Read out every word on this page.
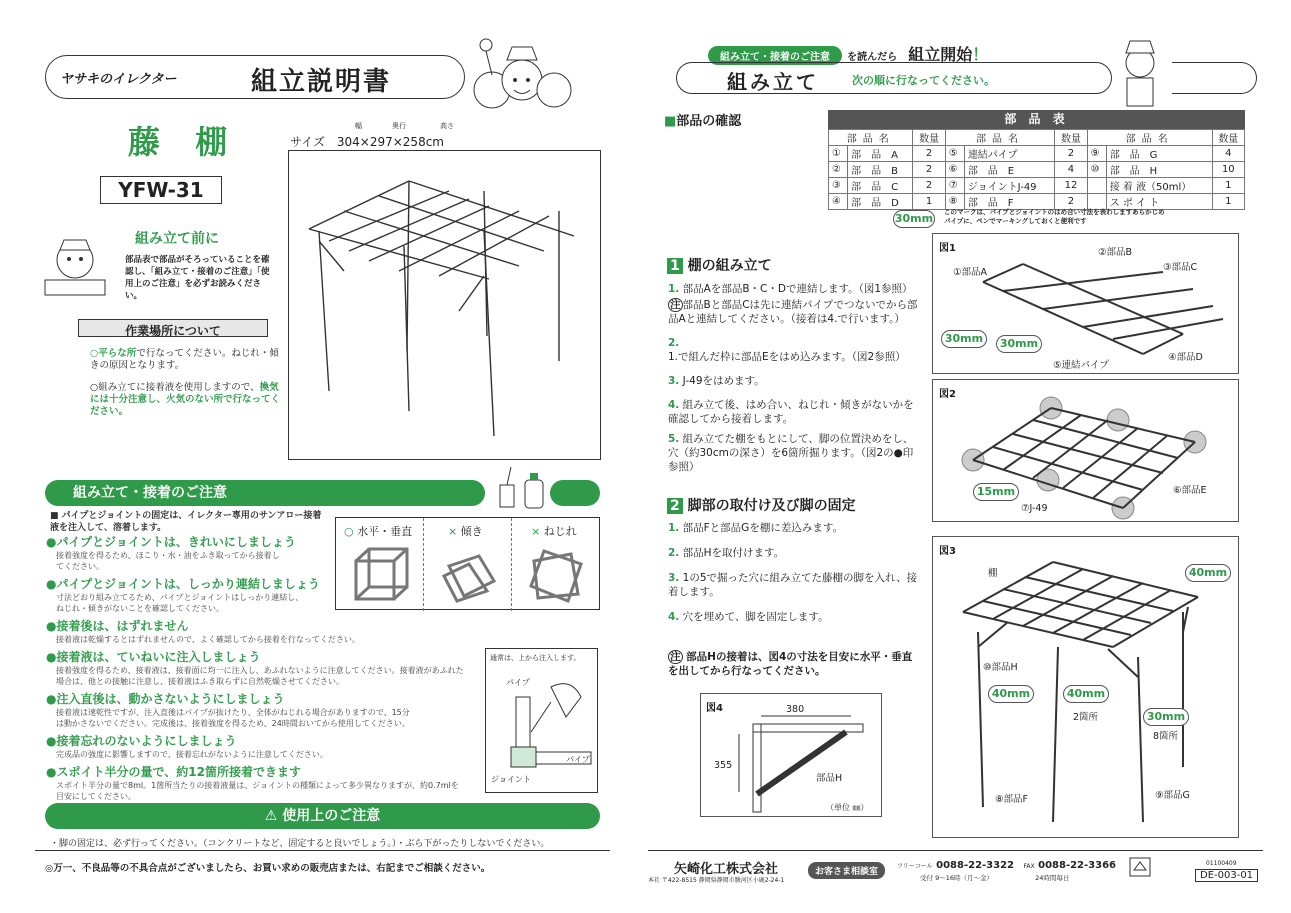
ヤサキのイレクター	組立説明書
藤 棚
YFW-31
サイズ 304×297×258cm
幅	奥行	高さ
組み立て前に
部品表で部品がそろっていることを確認し、「組み立て・接着のご注意」「使用上のご注意」を必ずお読みください。
作業場所について
○平らな所で行なってください。ねじれ・傾きの原因となります。
○組み立てに接着液を使用しますので、換気には十分注意し、火気のない所で行なってください。
組み立て・接着のご注意
■ パイプとジョイントの固定は、イレクター専用のサンアロー接着液を注入して、溶着します。
●パイプとジョイントは、きれいにしましょう
接着強度を得るため、ほこり・水・油をふき取ってから接着してください。
●パイプとジョイントは、しっかり連結しましょう
寸法どおり組み立てるため、パイプとジョイントはしっかり連結し、ねじれ・傾きがないことを確認してください。
●接着後は、はずれません
接着液は乾燥するとはずれませんので、よく確認してから接着を行なってください。
●接着液は、ていねいに注入しましょう
接着強度を得るため、接着液は、接着面に均一に注入し、あふれないように注意してください。接着液があふれた場合は、他との接触に注意し、接着液はふき取らずに自然乾燥させてください。
●注入直後は、動かさないようにしましょう
接着液は速乾性ですが、注入直後はパイプが抜けたり、全体がねじれる場合がありますので、15分は動かさないでください。完成後は、接着強度を得るため、24時間おいてから使用してください。
●接着忘れのないようにしましょう
完成品の強度に影響しますので、接着忘れがないように注意してください。
●スポイト半分の量で、約12箇所接着できます
スポイト半分の量で8ml。1箇所当たりの接着液量は、ジョイントの種類によって多少異なりますが、約0.7mlを目安にしてください。
○ 水平・垂直	× 傾き	× ねじれ
通常は、上から注入します。
パイプ
パイプ
ジョイント
⚠ 使用上のご注意
・脚の固定は、必ず行ってください。（コンクリートなど、固定すると良いでしょう。）・ぶら下がったりしないでください。
◎万一、不良品等の不具合点がございましたら、お買い求めの販売店または、右記までご相談ください。
組み立て・接着のご注意 を読んだら 組立開始！
組み立て	次の順に行なってください。
■部品の確認	部 品 表
部品名		数量	部品名		数量	部品名		数量
①	部　品　A	2	⑤	連結パイプ	2	⑨	部　品　G	4
②	部　品　B	2	⑥	部　品　E	4	⑩	部　品　H	10
③	部　品　C	2	⑦	ジョイントJ-49	12		接 着 液（50ml）	1
④	部　品　D	1	⑧	部　品　F	2		ス ポ イ ト	1
30mm このマークは、パイプとジョイントのはめ合い寸法を表わしますあらかじめパイプに、ペンでマーキングしておくと便利です
1 棚の組み立て
1. 部品Aを部品B・C・Dで連結します。（図1参照）
注 部品Bと部品Cは先に連結パイプでつないでから部品Aと連結してください。（接着は4.で行います。）
2. 1.で組んだ枠に部品Eをはめ込みます。（図2参照）
3. J-49をはめます。
4. 組み立て後、はめ合い、ねじれ・傾きがないかを確認してから接着します。
5. 組み立てた棚をもとにして、脚の位置決めをし、穴（約30cmの深さ）を6箇所掘ります。（図2の●印参照）
2 脚部の取付け及び脚の固定
1. 部品Fと部品Gを棚に差込みます。
2. 部品Hを取付けます。
3. 1の5で掘った穴に組み立てた藤棚の脚を入れ、接着します。
4. 穴を埋めて、脚を固定します。
注 部品Hの接着は、図4の寸法を目安に水平・垂直を出してから行なってください。
図4	380
355
部品H
（単位 ㎜）
図1
①部品A
②部品B
③部品C
④部品D
⑤連結パイプ
30mm	30mm
図2
⑥部品E
⑦J-49
15mm
図3
棚
⑩部品H
2箇所
8箇所
⑧部品F	⑨部品G
40mm
40mm	40mm
30mm
矢崎化工株式会社
本社 〒422-8515 静岡県静岡市駿河区小鹿2-24-1
お客さま相談室
フリーコール 0088-22-3322 FAX 0088-22-3366
受付 9〜16時（月〜金）	24時間毎日
01100409
DE-003-01
